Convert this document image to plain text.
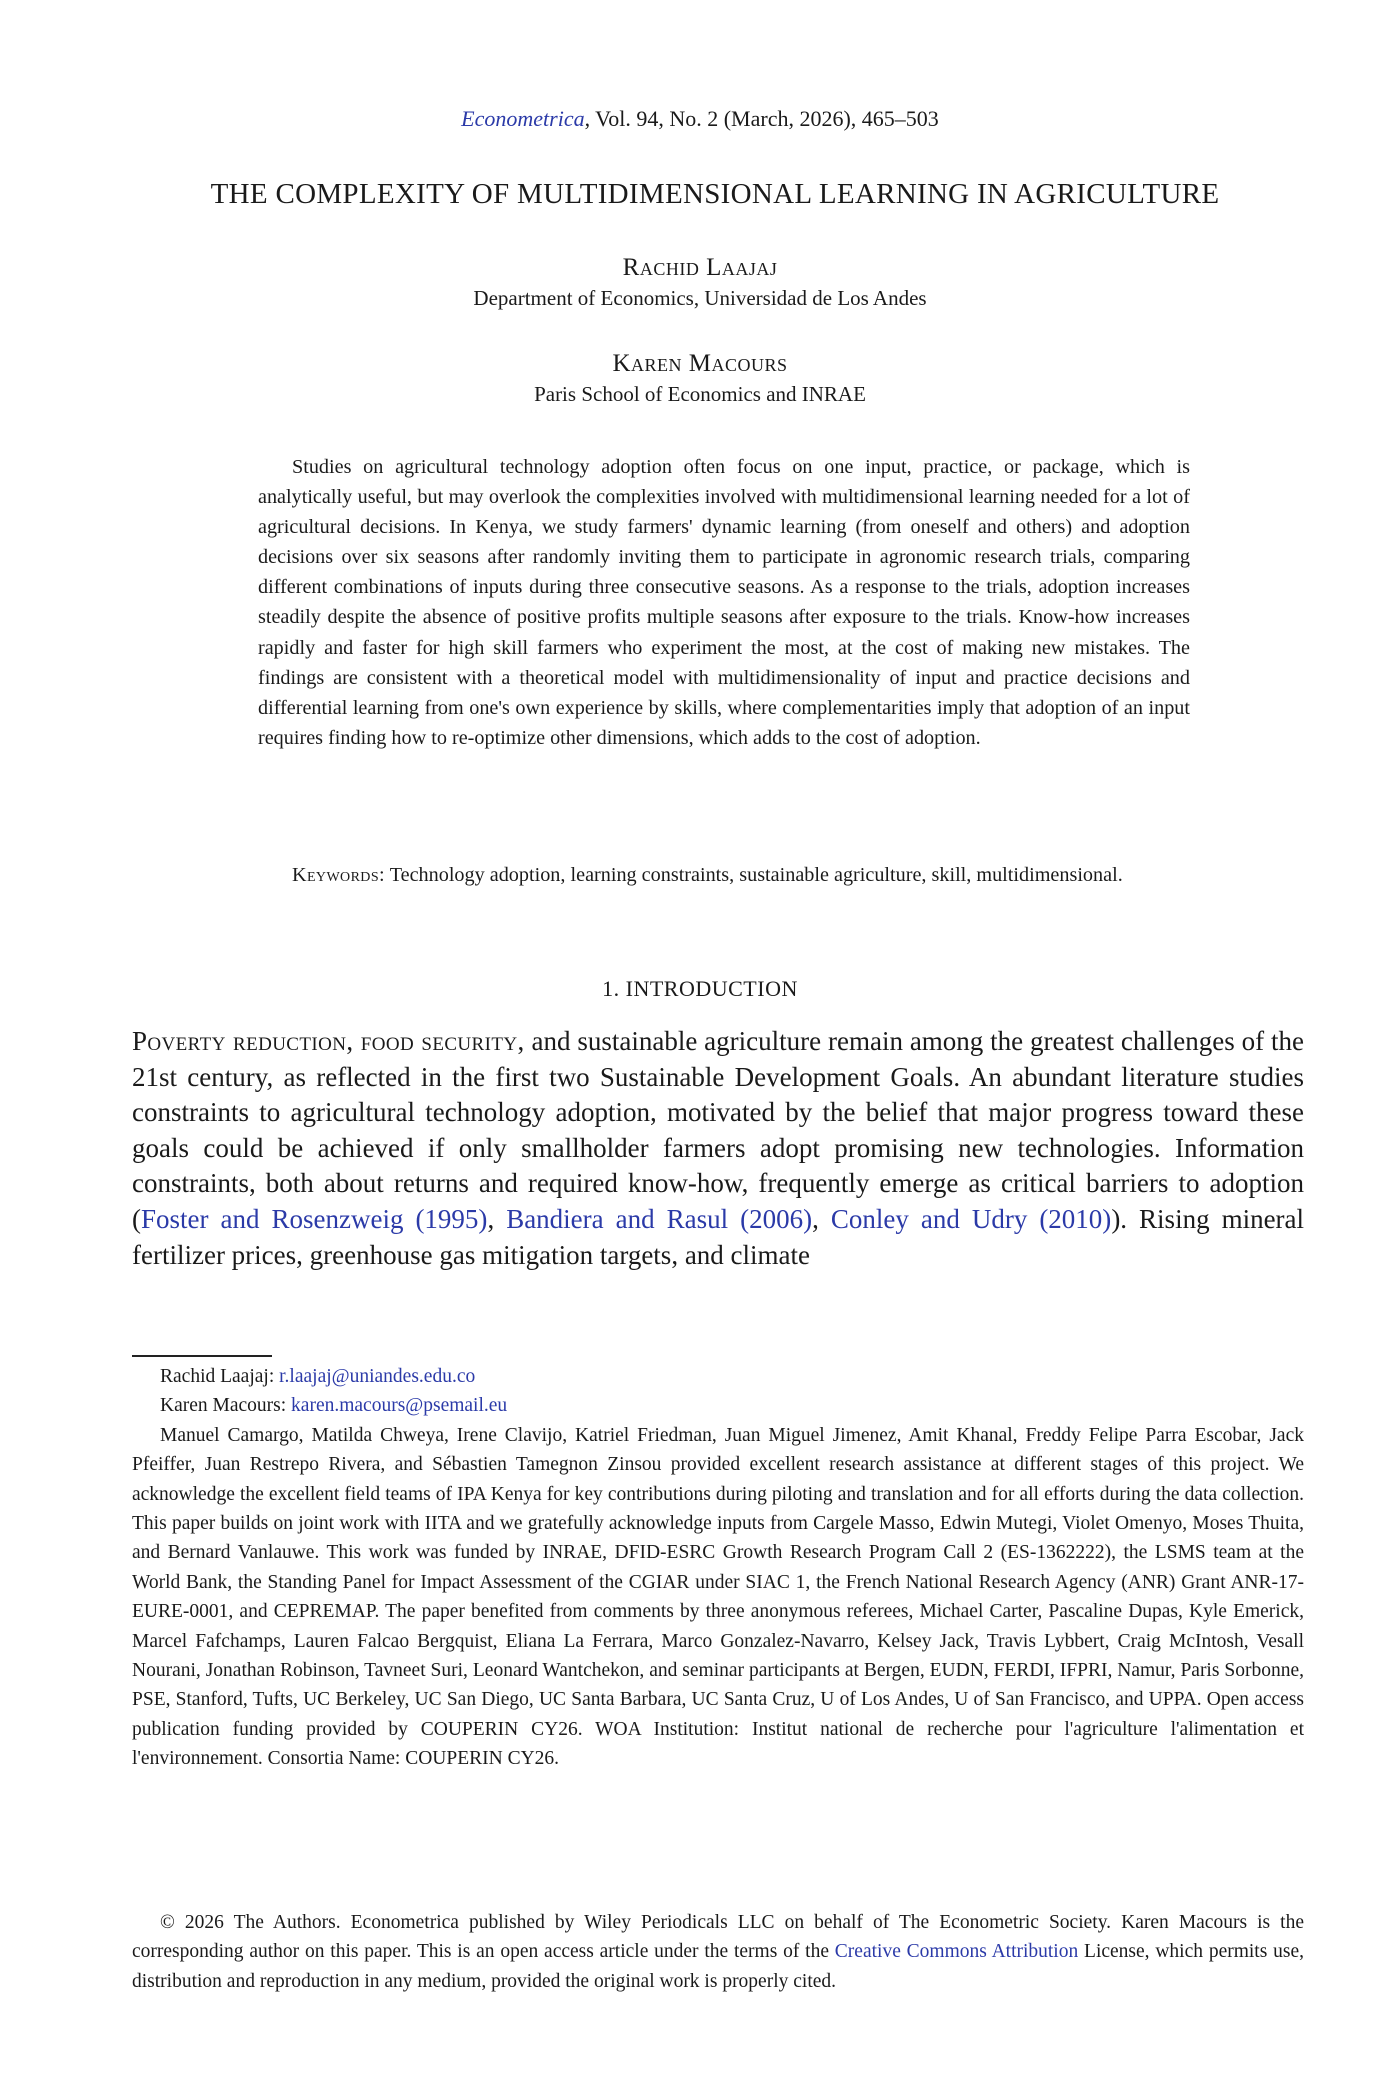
Econometrica, Vol. 94, No. 2 (March, 2026), 465–503
THE COMPLEXITY OF MULTIDIMENSIONAL LEARNING IN AGRICULTURE
Rachid Laajaj
Department of Economics, Universidad de Los Andes
Karen Macours
Paris School of Economics and INRAE

Studies on agricultural technology adoption often focus on one input, practice, or package, which is analytically useful, but may overlook the complexities involved with multidimensional learning needed for a lot of agricultural decisions. In Kenya, we study farmers' dynamic learning (from oneself and others) and adoption decisions over six seasons after randomly inviting them to participate in agronomic research trials, comparing different combinations of inputs during three consecutive seasons. As a response to the trials, adoption increases steadily despite the absence of positive profits multiple seasons after exposure to the trials. Know-how increases rapidly and faster for high skill farmers who experiment the most, at the cost of making new mistakes. The findings are consistent with a theoretical model with multidimensionality of input and practice decisions and differential learning from one's own experience by skills, where complementarities imply that adoption of an input requires finding how to re-optimize other dimensions, which adds to the cost of adoption.

Keywords: Technology adoption, learning constraints, sustainable agriculture, skill, multidimensional.

1. INTRODUCTION

Poverty reduction, food security, and sustainable agriculture remain among the greatest challenges of the 21st century, as reflected in the first two Sustainable Development Goals. An abundant literature studies constraints to agricultural technology adoption, motivated by the belief that major progress toward these goals could be achieved if only smallholder farmers adopt promising new technologies. Information constraints, both about returns and required know-how, frequently emerge as critical barriers to adoption (Foster and Rosenzweig (1995), Bandiera and Rasul (2006), Conley and Udry (2010)). Rising mineral fertilizer prices, greenhouse gas mitigation targets, and climate

Rachid Laajaj: r.laajaj@uniandes.edu.co

Karen Macours: karen.macours@psemail.eu

Manuel Camargo, Matilda Chweya, Irene Clavijo, Katriel Friedman, Juan Miguel Jimenez, Amit Khanal, Freddy Felipe Parra Escobar, Jack Pfeiffer, Juan Restrepo Rivera, and Sébastien Tamegnon Zinsou provided excellent research assistance at different stages of this project. We acknowledge the excellent field teams of IPA Kenya for key contributions during piloting and translation and for all efforts during the data collection. This paper builds on joint work with IITA and we gratefully acknowledge inputs from Cargele Masso, Edwin Mutegi, Violet Omenyo, Moses Thuita, and Bernard Vanlauwe. This work was funded by INRAE, DFID-ESRC Growth Research Program Call 2 (ES-1362222), the LSMS team at the World Bank, the Standing Panel for Impact Assessment of the CGIAR under SIAC 1, the French National Research Agency (ANR) Grant ANR-17-EURE-0001, and CEPREMAP. The paper benefited from comments by three anonymous referees, Michael Carter, Pascaline Dupas, Kyle Emerick, Marcel Fafchamps, Lauren Falcao Bergquist, Eliana La Ferrara, Marco Gonzalez-Navarro, Kelsey Jack, Travis Lybbert, Craig McIntosh, Vesall Nourani, Jonathan Robinson, Tavneet Suri, Leonard Wantchekon, and seminar participants at Bergen, EUDN, FERDI, IFPRI, Namur, Paris Sorbonne, PSE, Stanford, Tufts, UC Berkeley, UC San Diego, UC Santa Barbara, UC Santa Cruz, U of Los Andes, U of San Francisco, and UPPA. Open access publication funding provided by COUPERIN CY26. WOA Institution: Institut national de recherche pour l'agriculture l'alimentation et l'environnement. Consortia Name: COUPERIN CY26.

© 2026 The Authors. Econometrica published by Wiley Periodicals LLC on behalf of The Econometric Society. Karen Macours is the corresponding author on this paper. This is an open access article under the terms of the Creative Commons Attribution License, which permits use, distribution and reproduction in any medium, provided the original work is properly cited.
